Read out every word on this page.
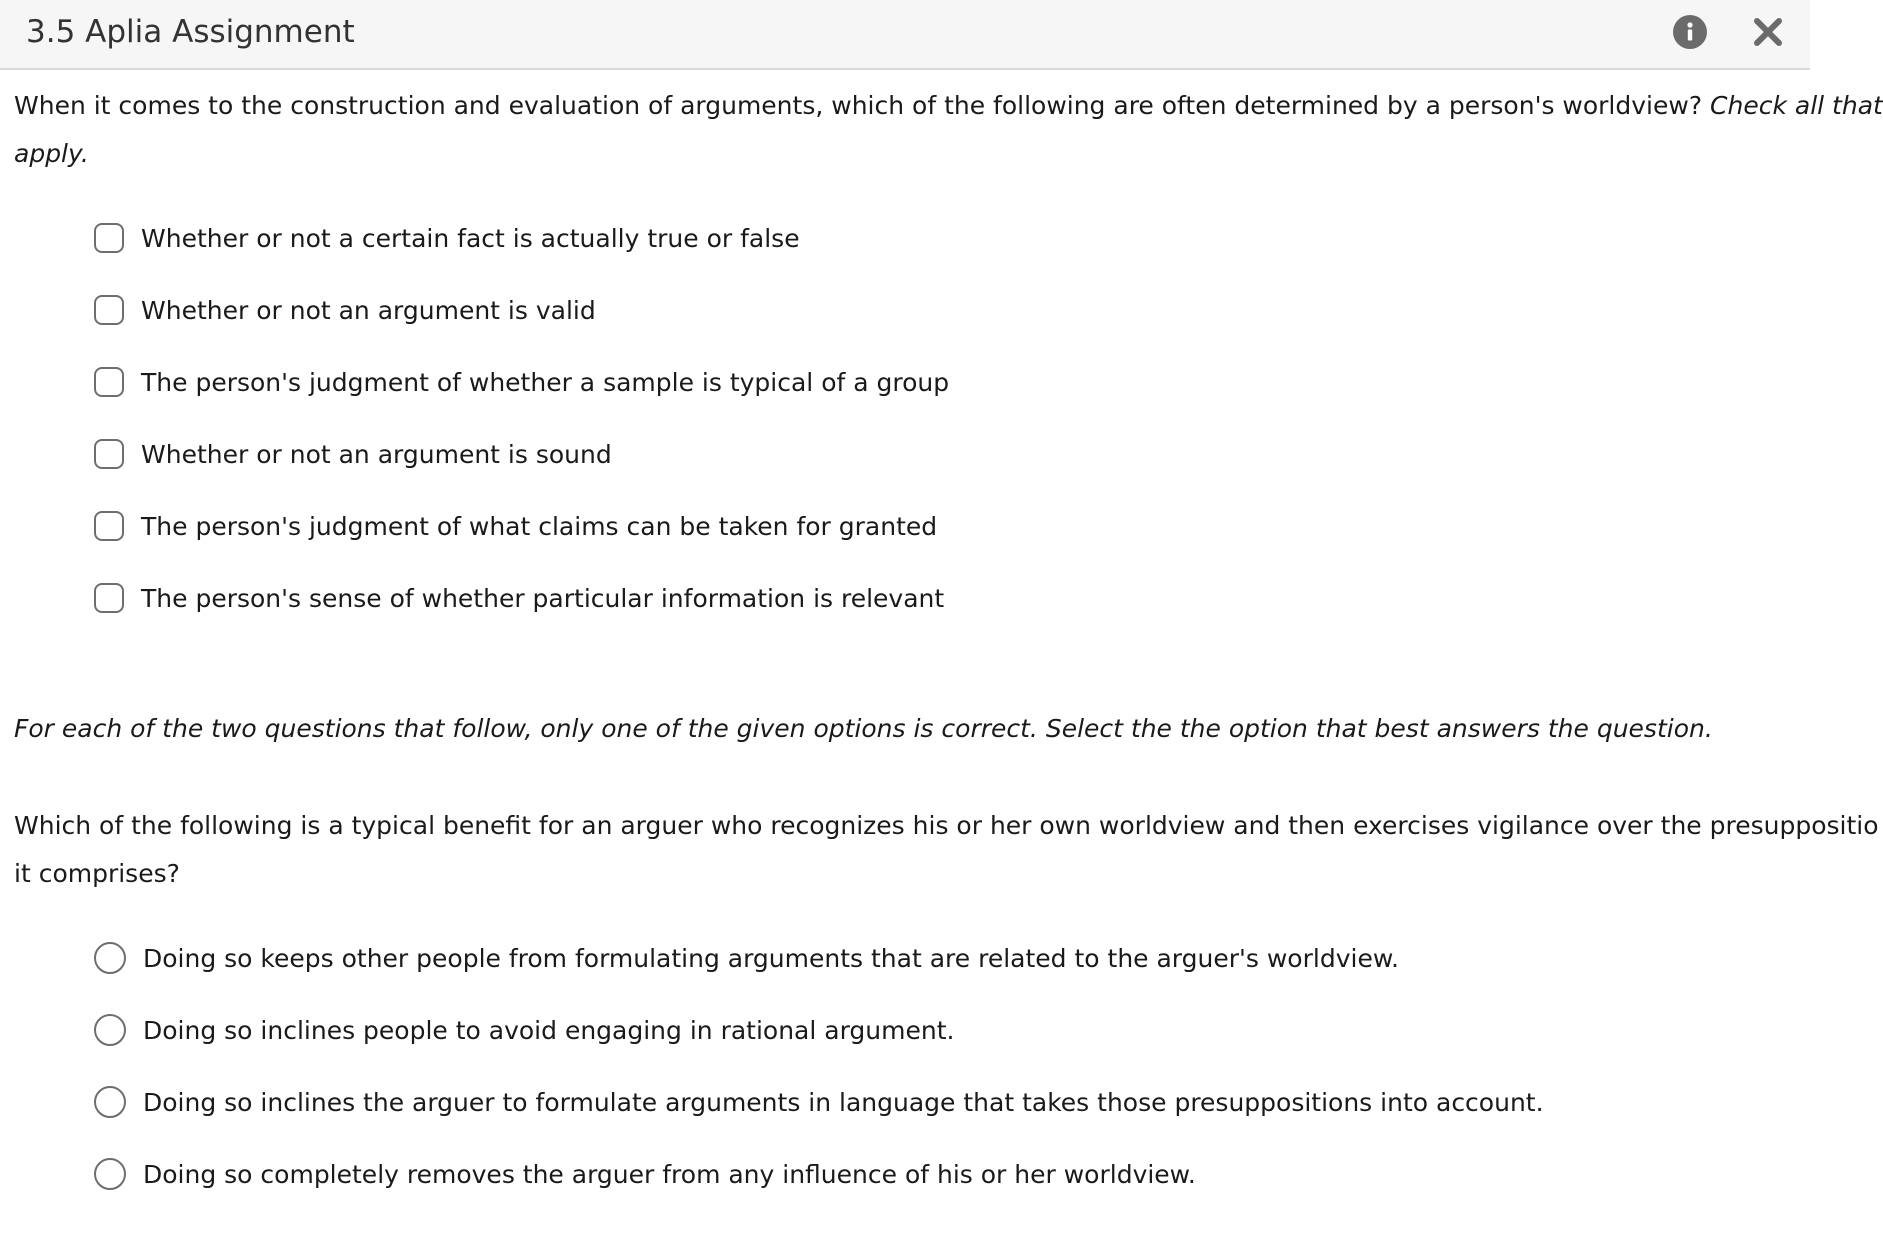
3.5 Aplia Assignment
When it comes to the construction and evaluation of arguments, which of the following are often determined by a person's worldview? Check all that
apply.
Whether or not a certain fact is actually true or false
Whether or not an argument is valid
The person's judgment of whether a sample is typical of a group
Whether or not an argument is sound
The person's judgment of what claims can be taken for granted
The person's sense of whether particular information is relevant
For each of the two questions that follow, only one of the given options is correct. Select the the option that best answers the question.
Which of the following is a typical benefit for an arguer who recognizes his or her own worldview and then exercises vigilance over the presuppositio
it comprises?
Doing so keeps other people from formulating arguments that are related to the arguer's worldview.
Doing so inclines people to avoid engaging in rational argument.
Doing so inclines the arguer to formulate arguments in language that takes those presuppositions into account.
Doing so completely removes the arguer from any influence of his or her worldview.
